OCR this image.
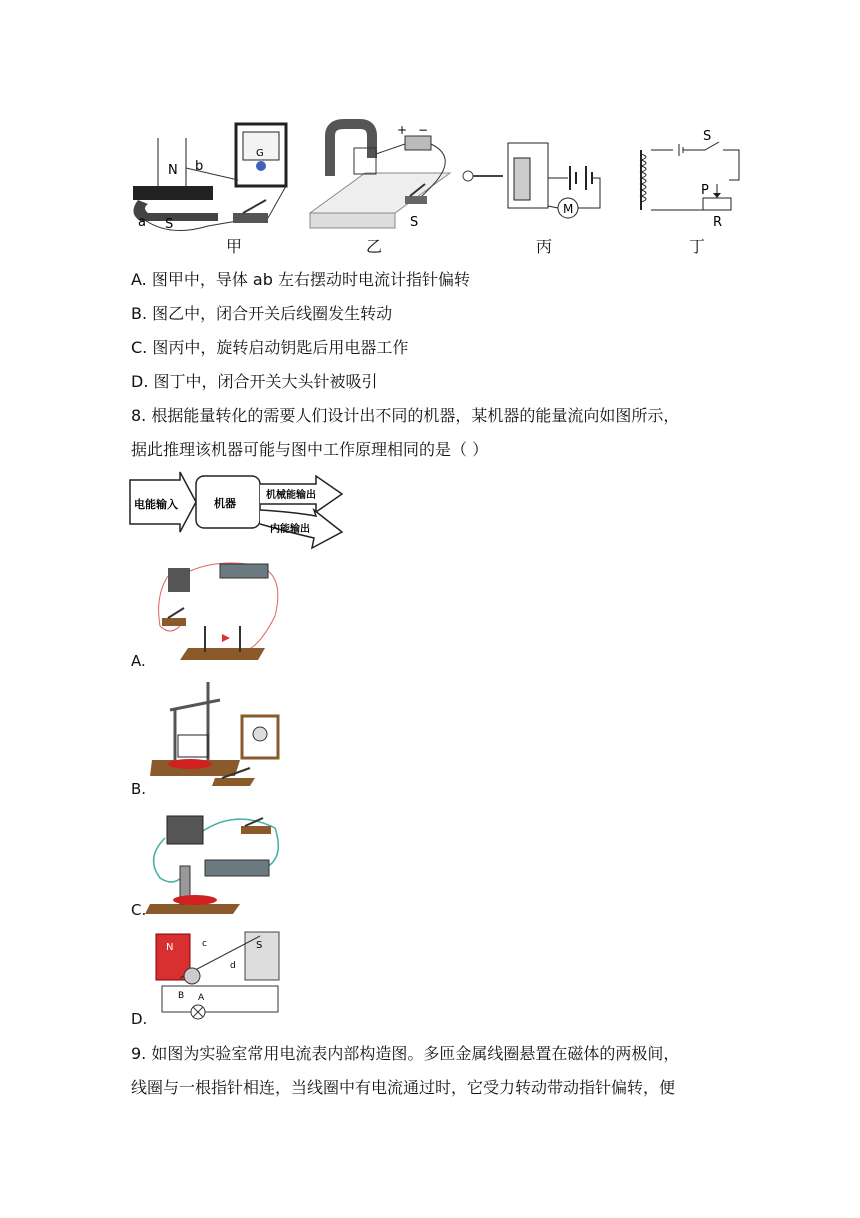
N
S
a
b
G
+ −
S
M
S
P
R
甲	乙	丙	丁
A. 图甲中，导体 ab 左右摆动时电流计指针偏转
B. 图乙中，闭合开关后线圈发生转动
C. 图丙中，旋转启动钥匙后用电器工作
D. 图丁中，闭合开关大头针被吸引
8. 根据能量转化的需要人们设计出不同的机器，某机器的能量流向如图所示，
据此推理该机器可能与图中工作原理相同的是（ ）
电能输入	机器
机械能输出
内能输出
A.
B.
C.
N	S
c
d
B A
D.
9. 如图为实验室常用电流表内部构造图。多匝金属线圈悬置在磁体的两极间，
线圈与一根指针相连，当线圈中有电流通过时，它受力转动带动指针偏转，便
